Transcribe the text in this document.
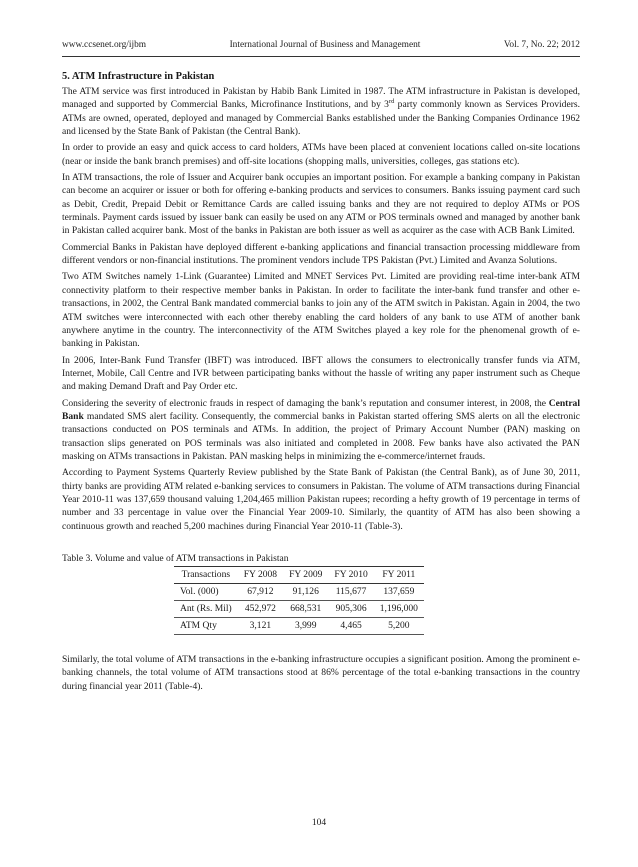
www.ccsenet.org/ijbm	International Journal of Business and Management	Vol. 7, No. 22; 2012
5. ATM Infrastructure in Pakistan

The ATM service was first introduced in Pakistan by Habib Bank Limited in 1987. The ATM infrastructure in Pakistan is developed, managed and supported by Commercial Banks, Microfinance Institutions, and by 3rd party commonly known as Services Providers. ATMs are owned, operated, deployed and managed by Commercial Banks established under the Banking Companies Ordinance 1962 and licensed by the State Bank of Pakistan (the Central Bank).

In order to provide an easy and quick access to card holders, ATMs have been placed at convenient locations called on-site locations (near or inside the bank branch premises) and off-site locations (shopping malls, universities, colleges, gas stations etc).

In ATM transactions, the role of Issuer and Acquirer bank occupies an important position. For example a banking company in Pakistan can become an acquirer or issuer or both for offering e-banking products and services to consumers. Banks issuing payment card such as Debit, Credit, Prepaid Debit or Remittance Cards are called issuing banks and they are not required to deploy ATMs or POS terminals. Payment cards issued by issuer bank can easily be used on any ATM or POS terminals owned and managed by another bank in Pakistan called acquirer bank. Most of the banks in Pakistan are both issuer as well as acquirer as the case with ACB Bank Limited.

Commercial Banks in Pakistan have deployed different e-banking applications and financial transaction processing middleware from different vendors or non-financial institutions. The prominent vendors include TPS Pakistan (Pvt.) Limited and Avanza Solutions.

Two ATM Switches namely 1-Link (Guarantee) Limited and MNET Services Pvt. Limited are providing real-time inter-bank ATM connectivity platform to their respective member banks in Pakistan. In order to facilitate the inter-bank fund transfer and other e-transactions, in 2002, the Central Bank mandated commercial banks to join any of the ATM switch in Pakistan. Again in 2004, the two ATM switches were interconnected with each other thereby enabling the card holders of any bank to use ATM of another bank anywhere anytime in the country. The interconnectivity of the ATM Switches played a key role for the phenomenal growth of e-banking in Pakistan.

In 2006, Inter-Bank Fund Transfer (IBFT) was introduced. IBFT allows the consumers to electronically transfer funds via ATM, Internet, Mobile, Call Centre and IVR between participating banks without the hassle of writing any paper instrument such as Cheque and making Demand Draft and Pay Order etc.

Considering the severity of electronic frauds in respect of damaging the bank’s reputation and consumer interest, in 2008, the Central Bank mandated SMS alert facility. Consequently, the commercial banks in Pakistan started offering SMS alerts on all the electronic transactions conducted on POS terminals and ATMs. In addition, the project of Primary Account Number (PAN) masking on transaction slips generated on POS terminals was also initiated and completed in 2008. Few banks have also activated the PAN masking on ATMs transactions in Pakistan. PAN masking helps in minimizing the e-commerce/internet frauds.

According to Payment Systems Quarterly Review published by the State Bank of Pakistan (the Central Bank), as of June 30, 2011, thirty banks are providing ATM related e-banking services to consumers in Pakistan. The volume of ATM transactions during Financial Year 2010-11 was 137,659 thousand valuing 1,204,465 million Pakistan rupees; recording a hefty growth of 19 percentage in terms of number and 33 percentage in value over the Financial Year 2009-10. Similarly, the quantity of ATM has also been showing a continuous growth and reached 5,200 machines during Financial Year 2010-11 (Table-3).

Table 3. Volume and value of ATM transactions in Pakistan
Transactions	FY 2008	FY 2009	FY 2010	FY 2011
Vol. (000)	67,912	91,126	115,677	137,659
Ant (Rs. Mil)	452,972	668,531	905,306	1,196,000
ATM Qty	3,121	3,999	4,465	5,200

Similarly, the total volume of ATM transactions in the e-banking infrastructure occupies a significant position. Among the prominent e-banking channels, the total volume of ATM transactions stood at 86% percentage of the total e-banking transactions in the country during financial year 2011 (Table-4).

104
